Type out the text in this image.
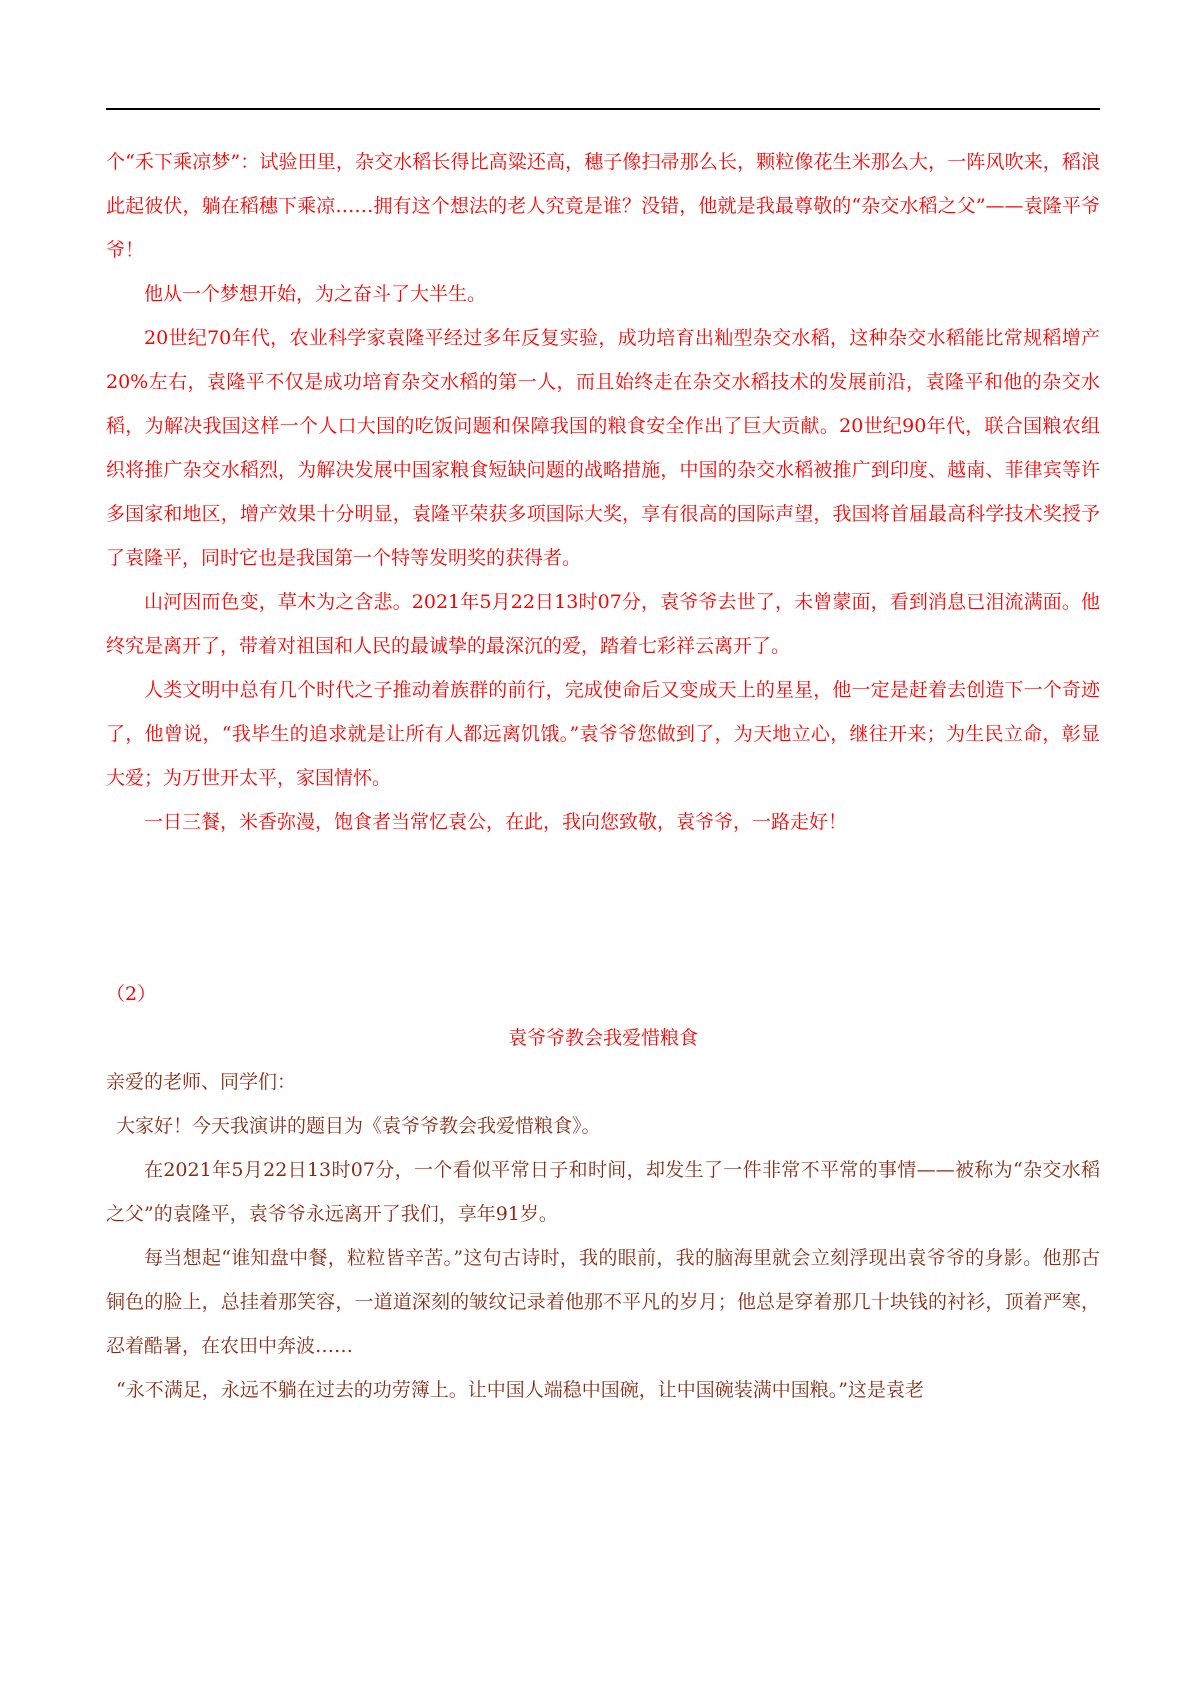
个“禾下乘凉梦”：试验田里，杂交水稻长得比高粱还高，穗子像扫帚那么长，颗粒像花生米那么大，一阵风吹来，稻浪此起彼伏，躺在稻穗下乘凉……拥有这个想法的老人究竟是谁？没错，他就是我最尊敬的“杂交水稻之父”——袁隆平爷爷！

他从一个梦想开始，为之奋斗了大半生。

20世纪70年代，农业科学家袁隆平经过多年反复实验，成功培育出籼型杂交水稻，这种杂交水稻能比常规稻增产20%左右，袁隆平不仅是成功培育杂交水稻的第一人，而且始终走在杂交水稻技术的发展前沿，袁隆平和他的杂交水稻，为解决我国这样一个人口大国的吃饭问题和保障我国的粮食安全作出了巨大贡献。20世纪90年代，联合国粮农组织将推广杂交水稻烈，为解决发展中国家粮食短缺问题的战略措施，中国的杂交水稻被推广到印度、越南、菲律宾等许多国家和地区，增产效果十分明显，袁隆平荣获多项国际大奖，享有很高的国际声望，我国将首届最高科学技术奖授予了袁隆平，同时它也是我国第一个特等发明奖的获得者。

山河因而色变，草木为之含悲。2021年5月22日13时07分，袁爷爷去世了，未曾蒙面，看到消息已泪流满面。他终究是离开了，带着对祖国和人民的最诚挚的最深沉的爱，踏着七彩祥云离开了。

人类文明中总有几个时代之子推动着族群的前行，完成使命后又变成天上的星星，他一定是赶着去创造下一个奇迹了，他曾说，“我毕生的追求就是让所有人都远离饥饿。”袁爷爷您做到了，为天地立心，继往开来；为生民立命，彰显大爱；为万世开太平，家国情怀。

一日三餐，米香弥漫，饱食者当常忆袁公，在此，我向您致敬，袁爷爷，一路走好！

（2）

袁爷爷教会我爱惜粮食

亲爱的老师、同学们：

大家好！今天我演讲的题目为《袁爷爷教会我爱惜粮食》。

在2021年5月22日13时07分，一个看似平常日子和时间，却发生了一件非常不平常的事情——被称为“杂交水稻之父”的袁隆平，袁爷爷永远离开了我们，享年91岁。

每当想起“谁知盘中餐，粒粒皆辛苦。”这句古诗时，我的眼前，我的脑海里就会立刻浮现出袁爷爷的身影。他那古铜色的脸上，总挂着那笑容，一道道深刻的皱纹记录着他那不平凡的岁月；他总是穿着那几十块钱的衬衫，顶着严寒，忍着酷暑，在农田中奔波……

“永不满足，永远不躺在过去的功劳簿上。让中国人端稳中国碗，让中国碗装满中国粮。”这是袁老
